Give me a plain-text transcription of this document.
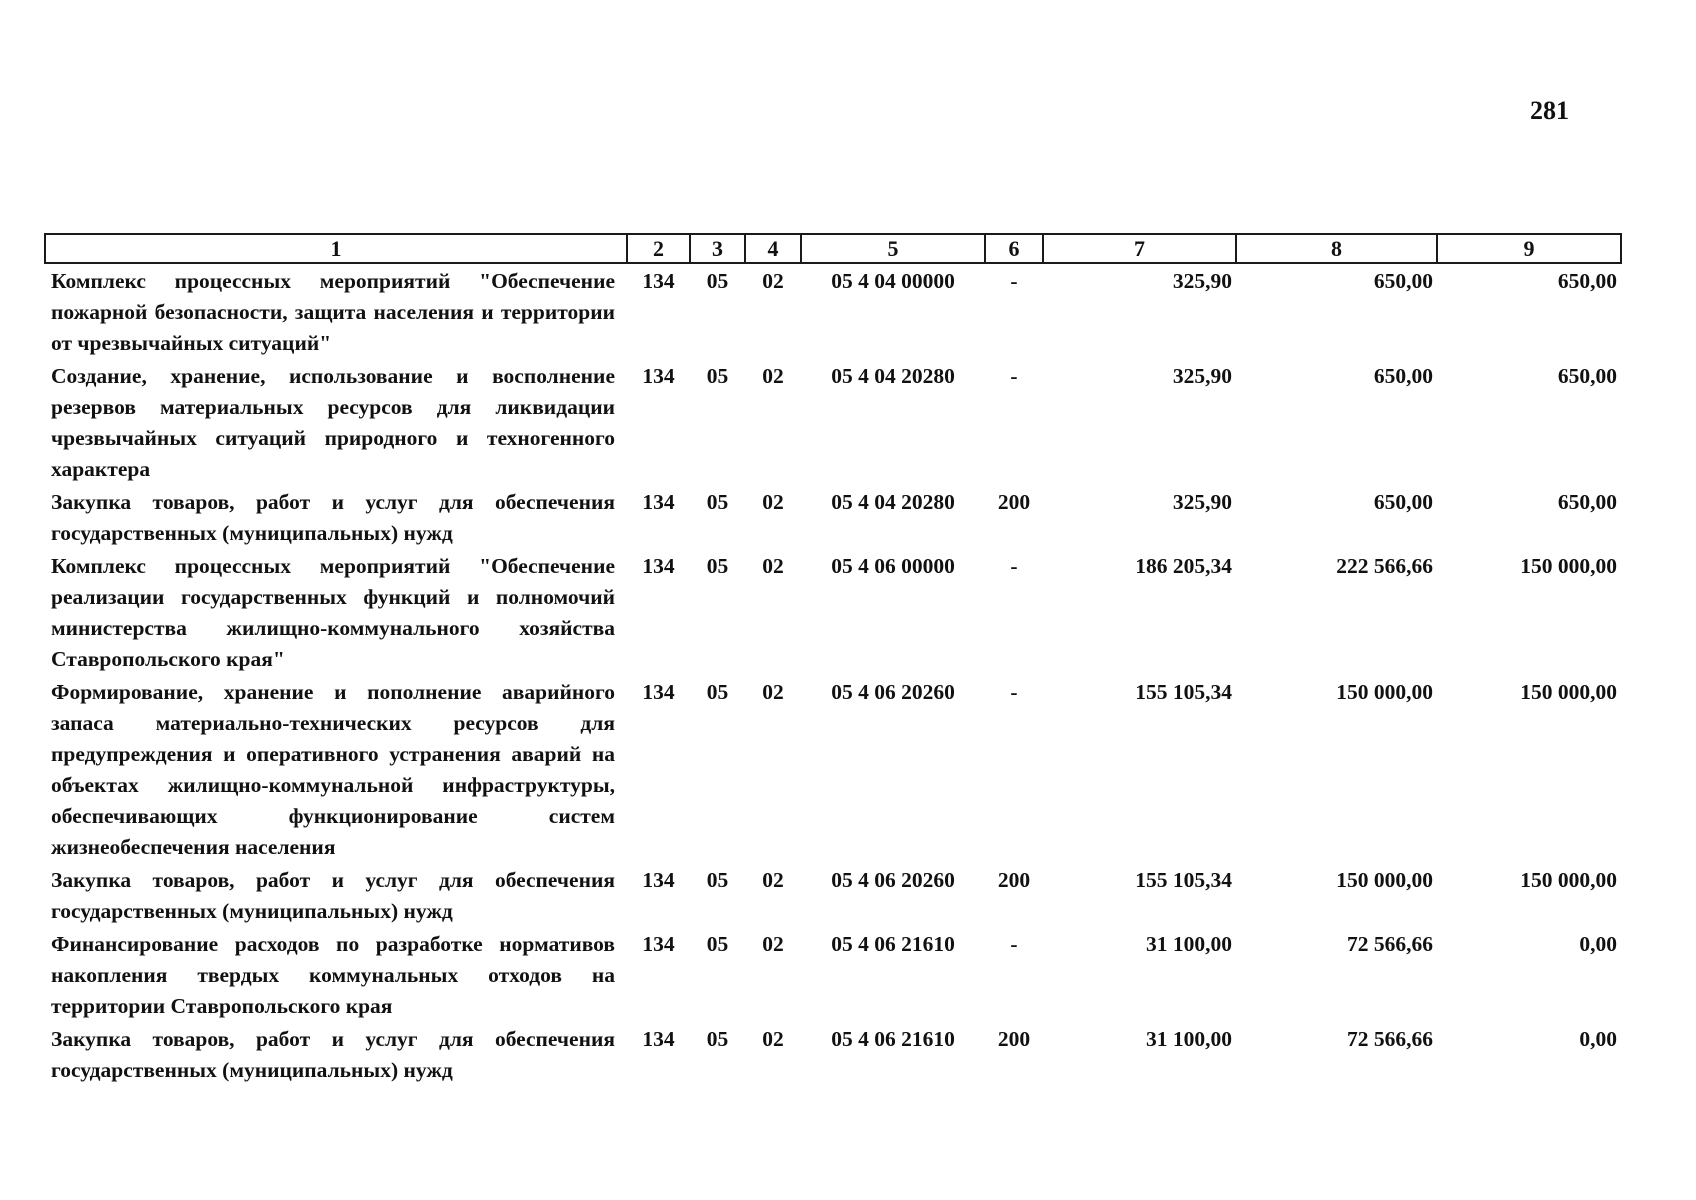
281
1	2	3	4	5	6	7	8	9
Комплекс процессных мероприятий "Обеспечение пожарной безопасности, защита населения и территории от чрезвычайных ситуаций"	134	05	02	05 4 04 00000	-	325,90	650,00	650,00
Создание, хранение, использование и восполнение резервов материальных ресурсов для ликвидации чрезвычайных ситуаций природного и техногенного характера	134	05	02	05 4 04 20280	-	325,90	650,00	650,00
Закупка товаров, работ и услуг для обеспечения государственных (муниципальных) нужд	134	05	02	05 4 04 20280	200	325,90	650,00	650,00
Комплекс процессных мероприятий "Обеспечение реализации государственных функций и полномочий министерства жилищно-коммунального хозяйства Ставропольского края"	134	05	02	05 4 06 00000	-	186 205,34	222 566,66	150 000,00
Формирование, хранение и пополнение аварийного запаса материально-технических ресурсов для предупреждения и оперативного устранения аварий на объектах жилищно-коммунальной инфраструктуры, обеспечивающих функционирование систем жизнеобеспечения населения	134	05	02	05 4 06 20260	-	155 105,34	150 000,00	150 000,00
Закупка товаров, работ и услуг для обеспечения государственных (муниципальных) нужд	134	05	02	05 4 06 20260	200	155 105,34	150 000,00	150 000,00
Финансирование расходов по разработке нормативов накопления твердых коммунальных отходов на территории Ставропольского края	134	05	02	05 4 06 21610	-	31 100,00	72 566,66	0,00
Закупка товаров, работ и услуг для обеспечения государственных (муниципальных) нужд	134	05	02	05 4 06 21610	200	31 100,00	72 566,66	0,00
